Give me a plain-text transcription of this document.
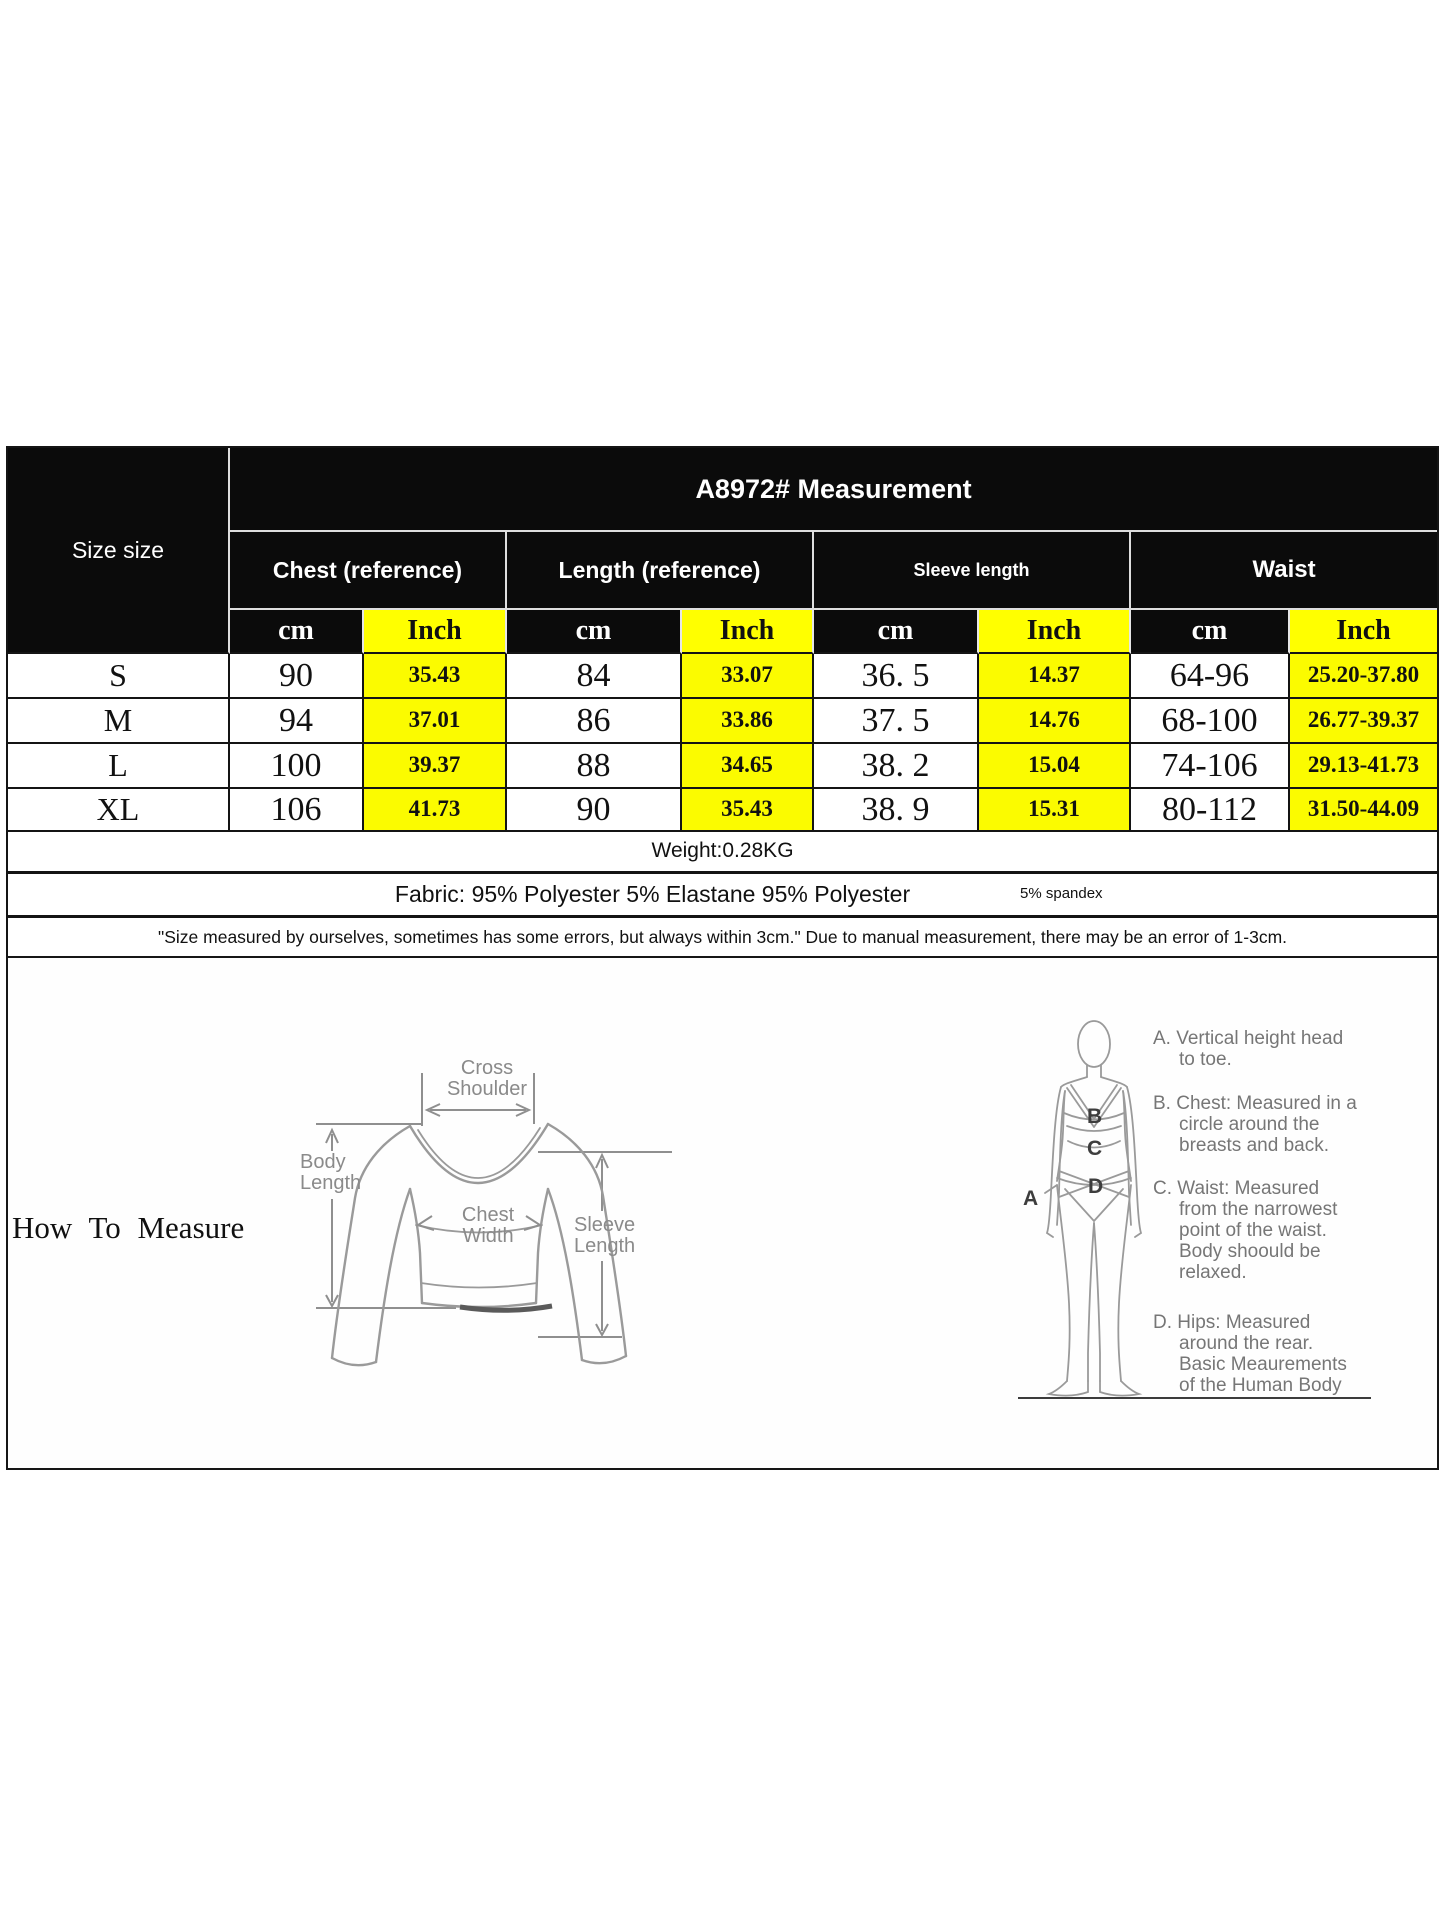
Size size	A8972# Measurement							
	Chest (reference)		Length (reference)		Sleeve length		Waist	
	cm	Inch	cm	Inch	cm	Inch	cm	Inch
S	90	35.43	84	33.07	36. 5	14.37	64-96	25.20-37.80
M	94	37.01	86	33.86	37. 5	14.76	68-100	26.77-39.37
L	100	39.37	88	34.65	38. 2	15.04	74-106	29.13-41.73
XL	106	41.73	90	35.43	38. 9	15.31	80-112	31.50-44.09
Weight:0.28KG								

Fabric: 95% Polyester 5% Elastane 95% Polyester 5% spandex								

"Size measured by ourselves, sometimes has some errors, but always within 3cm." Due to manual measurement, there may be an error of 1-3cm.								
How To Measure
Cross
Shoulder
Body
Length
Chest
Width	Sleeve
Length
A
B
C
D
A. Vertical height head
to toe.
B. Chest: Measured in a
circle around the
breasts and back.
C. Waist: Measured
from the narrowest
point of the waist.
Body shoould be
relaxed.
D. Hips: Measured
around the rear.
Basic Meaurements
of the Human Body
